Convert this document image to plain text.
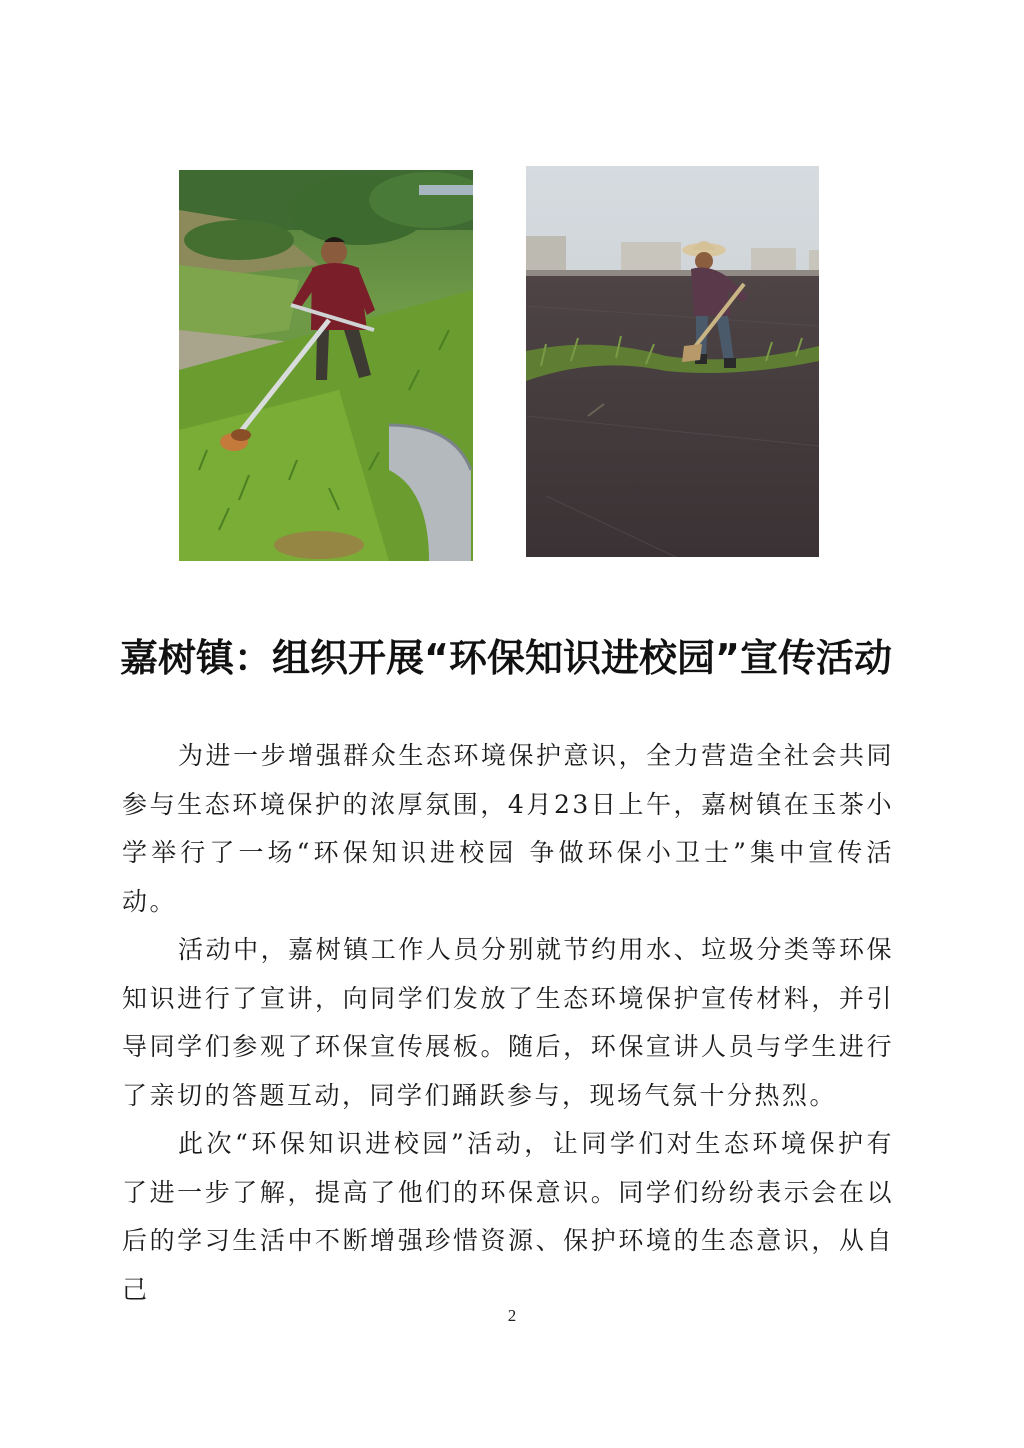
嘉树镇：组织开展“环保知识进校园”宣传活动

为进一步增强群众生态环境保护意识，全力营造全社会共同参与生态环境保护的浓厚氛围，4月23日上午，嘉树镇在玉茶小学举行了一场“环保知识进校园 争做环保小卫士”集中宣传活动。

活动中，嘉树镇工作人员分别就节约用水、垃圾分类等环保知识进行了宣讲，向同学们发放了生态环境保护宣传材料，并引导同学们参观了环保宣传展板。随后，环保宣讲人员与学生进行了亲切的答题互动，同学们踊跃参与，现场气氛十分热烈。

此次“环保知识进校园”活动，让同学们对生态环境保护有了进一步了解，提高了他们的环保意识。同学们纷纷表示会在以后的学习生活中不断增强珍惜资源、保护环境的生态意识，从自己

2
